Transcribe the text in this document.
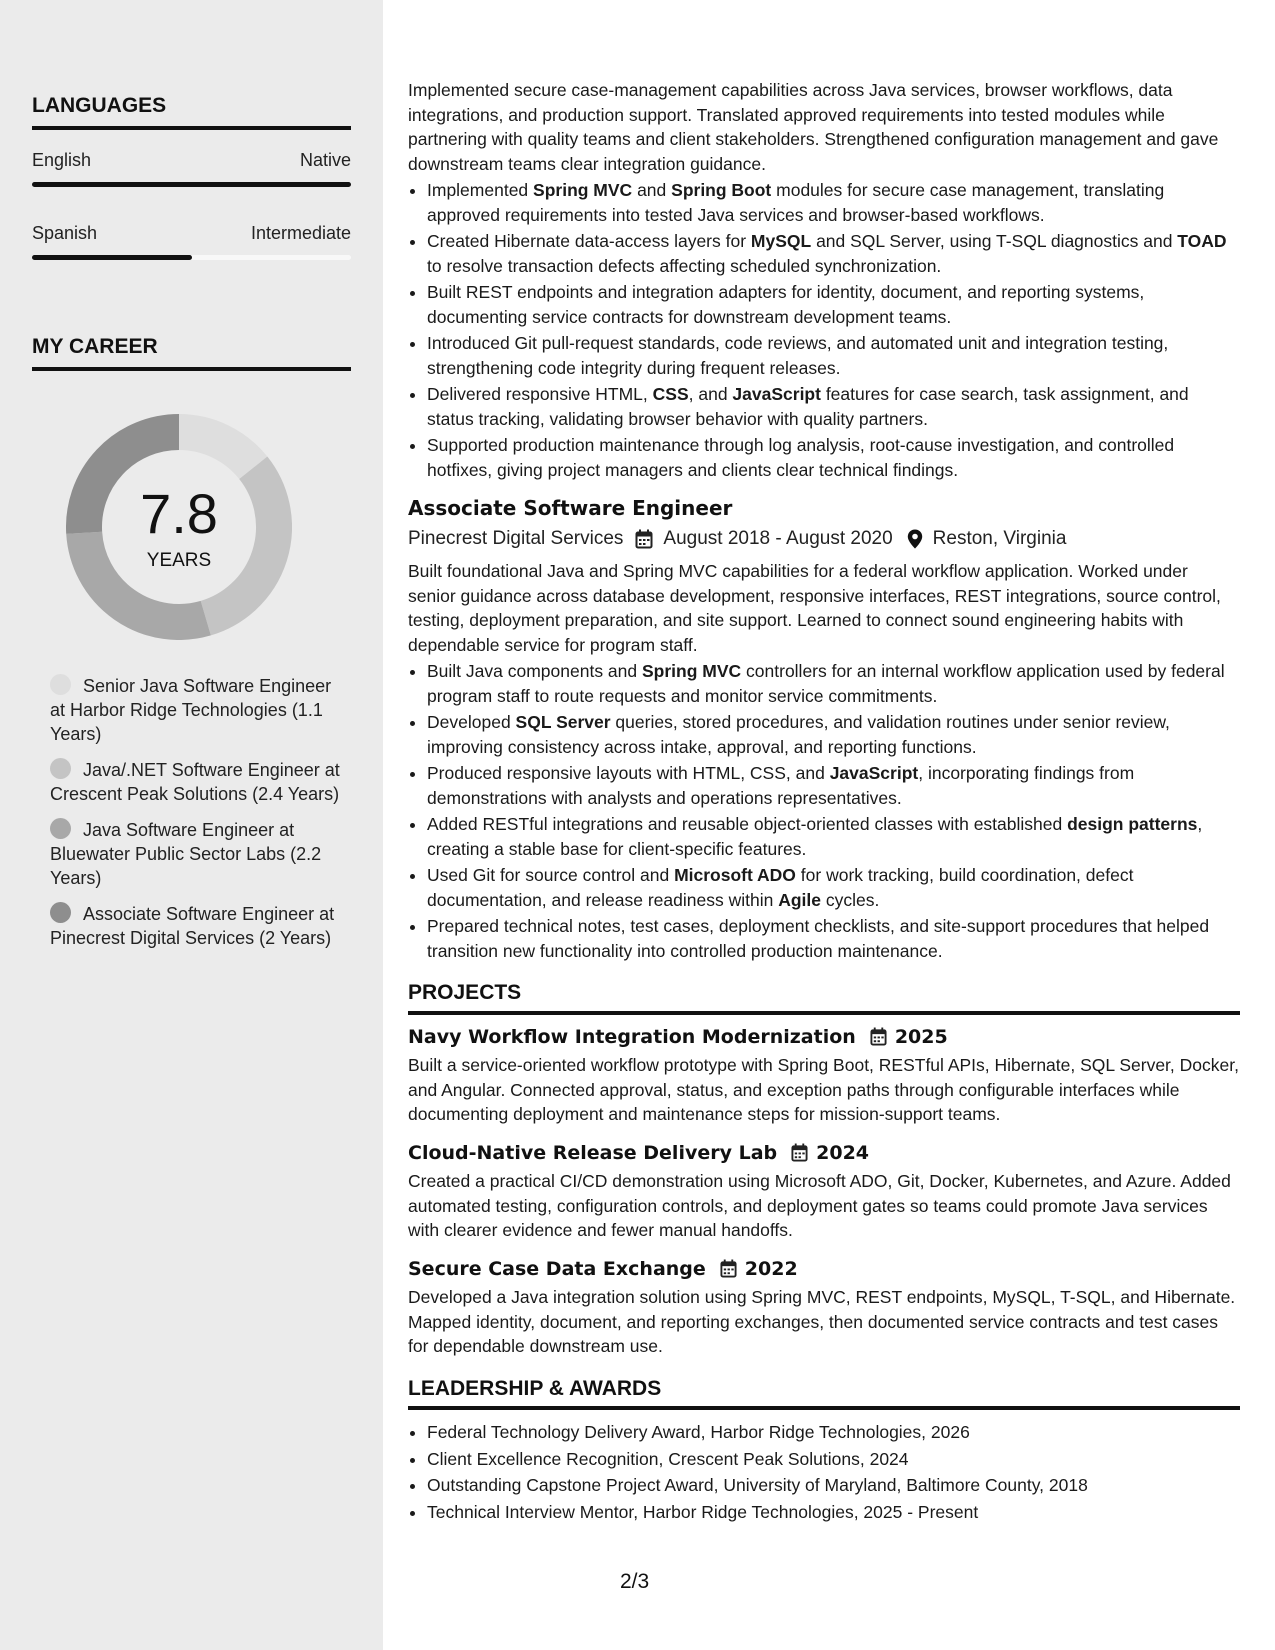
LANGUAGES
English	Native
Spanish	Intermediate
MY CAREER
7.8
YEARS
Senior Java Software Engineer at Harbor Ridge Technologies (1.1 Years)
Java/.NET Software Engineer at Crescent Peak Solutions (2.4 Years)
Java Software Engineer at Bluewater Public Sector Labs (2.2 Years)
Associate Software Engineer at Pinecrest Digital Services (2 Years)

Implemented secure case-management capabilities across Java services, browser workflows, data integrations, and production support. Translated approved requirements into tested modules while partnering with quality teams and client stakeholders. Strengthened configuration management and gave downstream teams clear integration guidance.

• Implemented Spring MVC and Spring Boot modules for secure case management, translating approved requirements into tested Java services and browser-based workflows.
• Created Hibernate data-access layers for MySQL and SQL Server, using T-SQL diagnostics and TOAD to resolve transaction defects affecting scheduled synchronization.
• Built REST endpoints and integration adapters for identity, document, and reporting systems, documenting service contracts for downstream development teams.
• Introduced Git pull-request standards, code reviews, and automated unit and integration testing, strengthening code integrity during frequent releases.
• Delivered responsive HTML, CSS, and JavaScript features for case search, task assignment, and status tracking, validating browser behavior with quality partners.
• Supported production maintenance through log analysis, root-cause investigation, and controlled hotfixes, giving project managers and clients clear technical findings.
Associate Software Engineer
Pinecrest Digital Services August 2018 - August 2020 Reston, Virginia

Built foundational Java and Spring MVC capabilities for a federal workflow application. Worked under senior guidance across database development, responsive interfaces, REST integrations, source control, testing, deployment preparation, and site support. Learned to connect sound engineering habits with dependable service for program staff.

• Built Java components and Spring MVC controllers for an internal workflow application used by federal program staff to route requests and monitor service commitments.
• Developed SQL Server queries, stored procedures, and validation routines under senior review, improving consistency across intake, approval, and reporting functions.
• Produced responsive layouts with HTML, CSS, and JavaScript, incorporating findings from demonstrations with analysts and operations representatives.
• Added RESTful integrations and reusable object-oriented classes with established design patterns, creating a stable base for client-specific features.
• Used Git for source control and Microsoft ADO for work tracking, build coordination, defect documentation, and release readiness within Agile cycles.
• Prepared technical notes, test cases, deployment checklists, and site-support procedures that helped transition new functionality into controlled production maintenance.
PROJECTS
Navy Workflow Integration Modernization 2025

Built a service-oriented workflow prototype with Spring Boot, RESTful APIs, Hibernate, SQL Server, Docker, and Angular. Connected approval, status, and exception paths through configurable interfaces while documenting deployment and maintenance steps for mission-support teams.

Cloud-Native Release Delivery Lab 2024

Created a practical CI/CD demonstration using Microsoft ADO, Git, Docker, Kubernetes, and Azure. Added automated testing, configuration controls, and deployment gates so teams could promote Java services with clearer evidence and fewer manual handoffs.

Secure Case Data Exchange 2022

Developed a Java integration solution using Spring MVC, REST endpoints, MySQL, T-SQL, and Hibernate. Mapped identity, document, and reporting exchanges, then documented service contracts and test cases for dependable downstream use.

LEADERSHIP & AWARDS
• Federal Technology Delivery Award, Harbor Ridge Technologies, 2026
• Client Excellence Recognition, Crescent Peak Solutions, 2024
• Outstanding Capstone Project Award, University of Maryland, Baltimore County, 2018
• Technical Interview Mentor, Harbor Ridge Technologies, 2025 - Present
2/3
